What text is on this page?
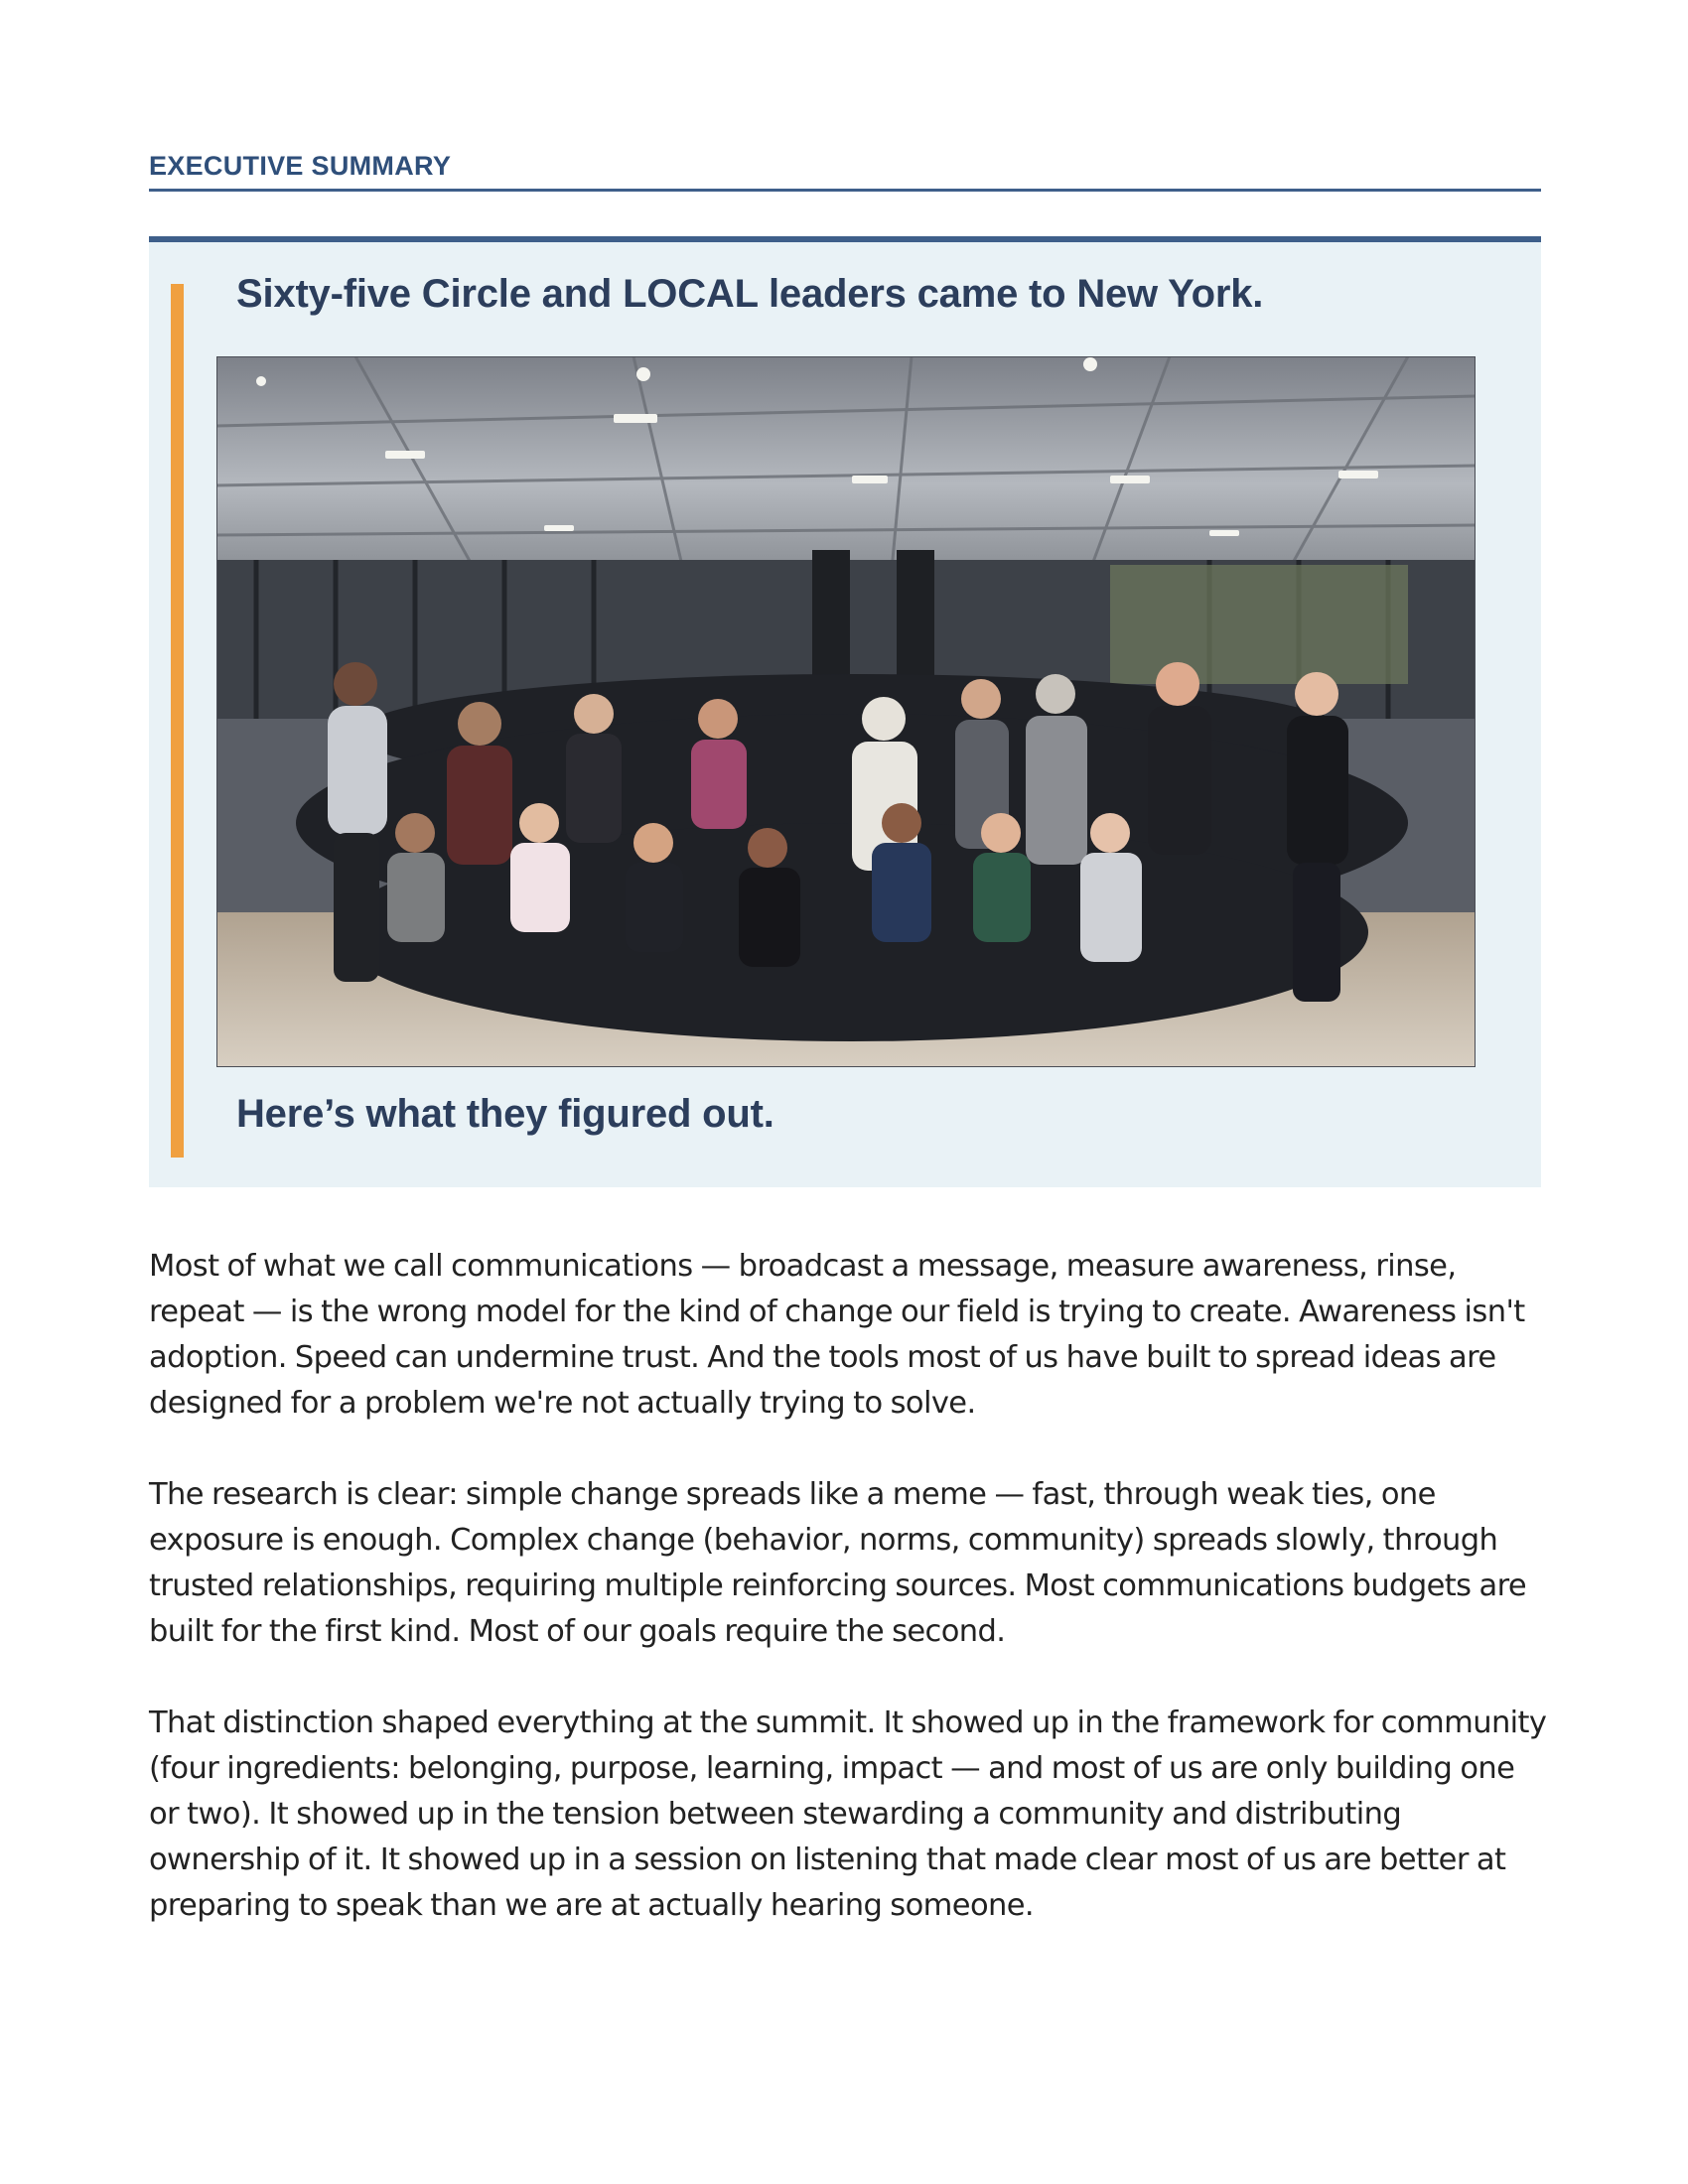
EXECUTIVE SUMMARY
Sixty-five Circle and LOCAL leaders came to New York.
Here’s what they figured out.

Most of what we call communications — broadcast a message, measure awareness, rinse, repeat — is the wrong model for the kind of change our field is trying to create. Awareness isn't adoption. Speed can undermine trust. And the tools most of us have built to spread ideas are designed for a problem we're not actually trying to solve.

The research is clear: simple change spreads like a meme — fast, through weak ties, one exposure is enough. Complex change (behavior, norms, community) spreads slowly, through trusted relationships, requiring multiple reinforcing sources. Most communications budgets are built for the first kind. Most of our goals require the second.

That distinction shaped everything at the summit. It showed up in the framework for community (four ingredients: belonging, purpose, learning, impact — and most of us are only building one or two). It showed up in the tension between stewarding a community and distributing ownership of it. It showed up in a session on listening that made clear most of us are better at preparing to speak than we are at actually hearing someone.
